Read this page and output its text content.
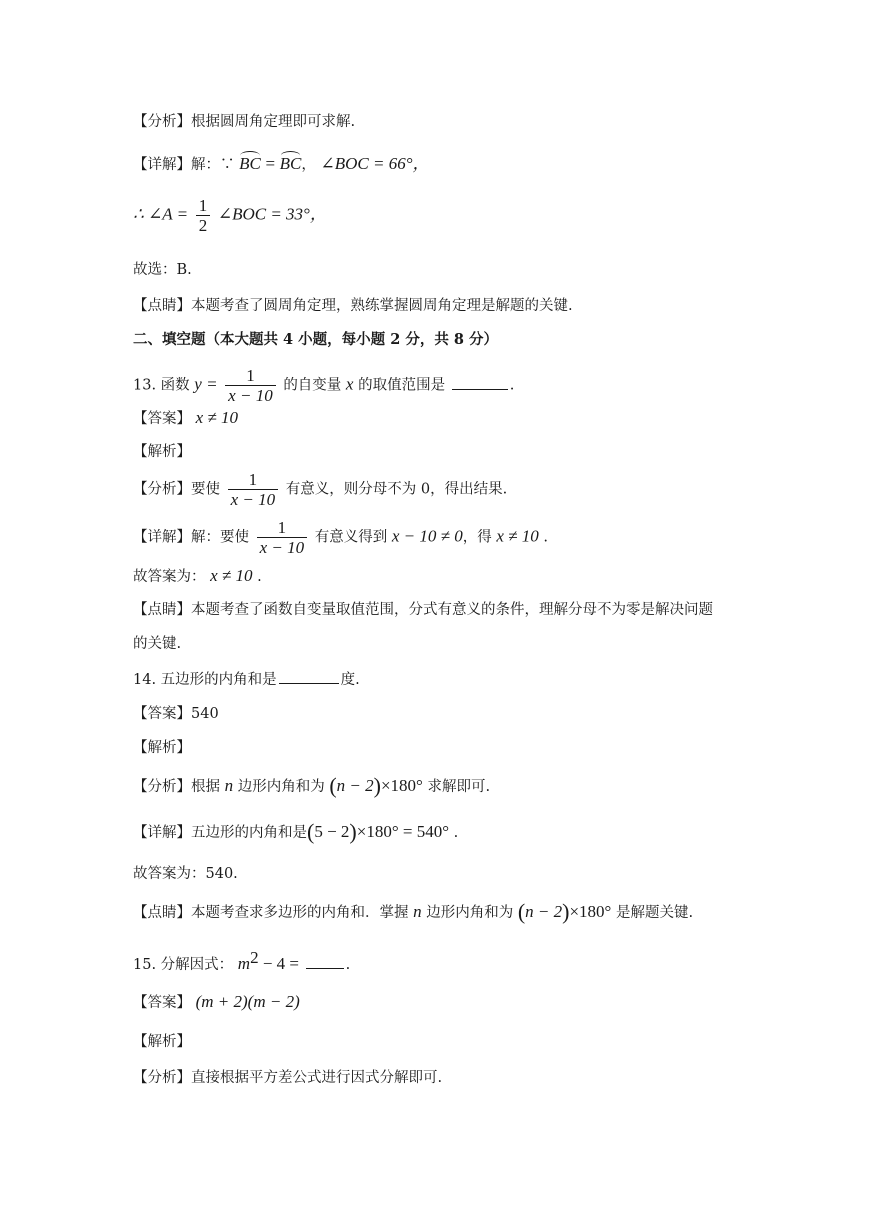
【分析】根据圆周角定理即可求解.
【详解】解：∵ BC = BC， ∠BOC = 66°，
∴ ∠A = $\frac{1}{2}$ ∠BOC = 33°，
故选：B.
【点睛】本题考查了圆周角定理，熟练掌握圆周角定理是解题的关键.
二、填空题（本大题共 4 小题，每小题 2 分，共 8 分）
13. 函数 $y = \frac{1}{x - 10}$ 的自变量 x 的取值范围是	.
【答案】 x ≠ 10
【解析】
【分析】要使 $\frac{1}{x - 10}$ 有意义，则分母不为 0，得出结果.
【详解】解：要使 $\frac{1}{x - 10}$ 有意义得到 x − 10 ≠ 0，得 x ≠ 10 .
故答案为： x ≠ 10 .
【点睛】本题考查了函数自变量取值范围，分式有意义的条件，理解分母不为零是解决问题
的关键.
14. 五边形的内角和是	度.
【答案】540
【解析】
【分析】根据 n 边形内角和为 (n − 2)×180° 求解即可.
【详解】五边形的内角和是(5 − 2)×180° = 540° .
故答案为：540.
【点睛】本题考查求多边形的内角和．掌握 n 边形内角和为 (n − 2)×180° 是解题关键.
15. 分解因式： $m^2 - 4$ =	.
【答案】 (m + 2)(m − 2)
【解析】
【分析】直接根据平方差公式进行因式分解即可.
